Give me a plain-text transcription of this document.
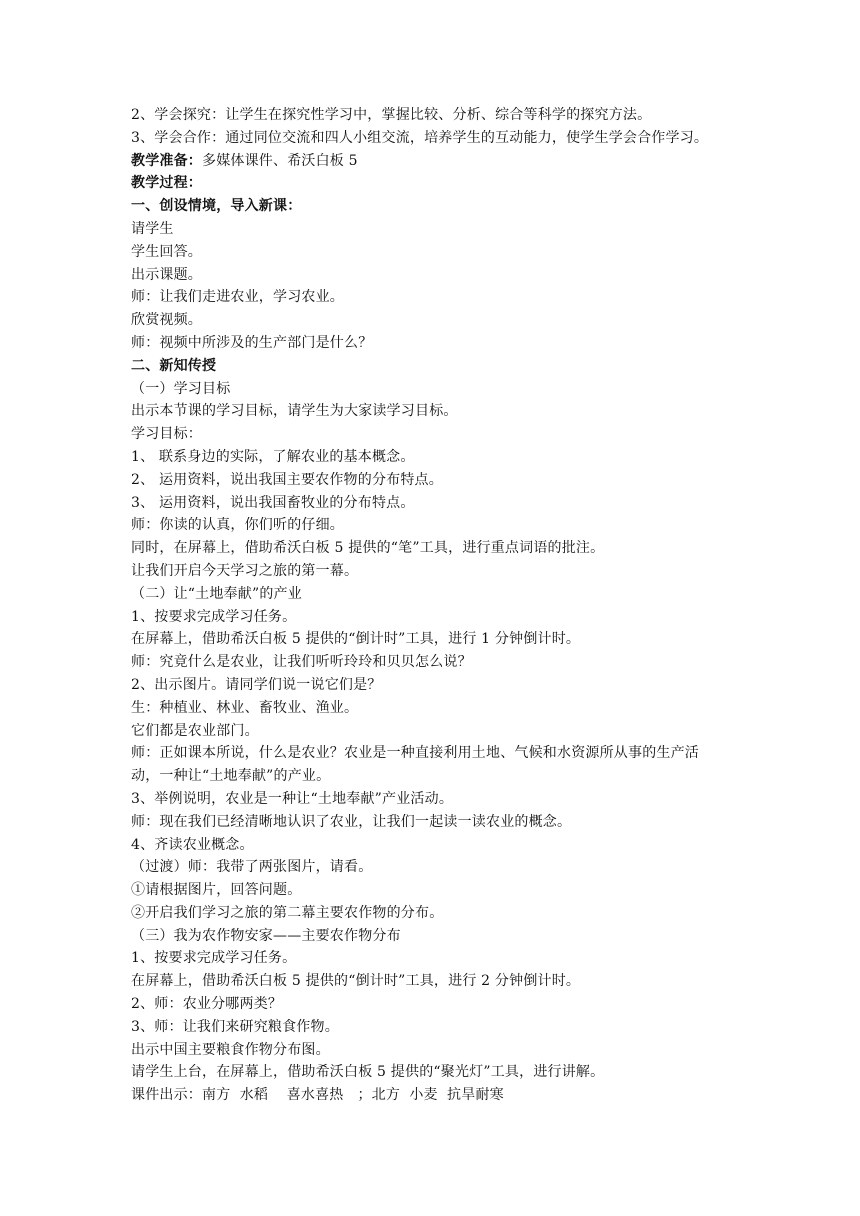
2、学会探究：让学生在探究性学习中，掌握比较、分析、综合等科学的探究方法。
3、学会合作：通过同位交流和四人小组交流，培养学生的互动能力，使学生学会合作学习。
教学准备：多媒体课件、希沃白板 5
教学过程：
一、创设情境，导入新课：
请学生
学生回答。
出示课题。
师：让我们走进农业，学习农业。
欣赏视频。
师：视频中所涉及的生产部门是什么？
二、新知传授
（一）学习目标
出示本节课的学习目标，请学生为大家读学习目标。
学习目标：
1、 联系身边的实际，了解农业的基本概念。
2、 运用资料，说出我国主要农作物的分布特点。
3、 运用资料，说出我国畜牧业的分布特点。
师：你读的认真，你们听的仔细。
同时，在屏幕上，借助希沃白板 5 提供的“笔”工具，进行重点词语的批注。
让我们开启今天学习之旅的第一幕。
（二）让“土地奉献”的产业
1、按要求完成学习任务。
在屏幕上，借助希沃白板 5 提供的“倒计时”工具，进行 1 分钟倒计时。
师：究竟什么是农业，让我们听听玲玲和贝贝怎么说？
2、出示图片。请同学们说一说它们是？
生：种植业、林业、畜牧业、渔业。
它们都是农业部门。
师：正如课本所说，什么是农业？农业是一种直接利用土地、气候和水资源所从事的生产活
动，一种让“土地奉献”的产业。
3、举例说明，农业是一种让“土地奉献”产业活动。
师：现在我们已经清晰地认识了农业，让我们一起读一读农业的概念。
4、齐读农业概念。
（过渡）师：我带了两张图片，请看。
①请根据图片，回答问题。
②开启我们学习之旅的第二幕主要农作物的分布。
（三）我为农作物安家——主要农作物分布
1、按要求完成学习任务。
在屏幕上，借助希沃白板 5 提供的“倒计时”工具，进行 2 分钟倒计时。
2、师：农业分哪两类？
3、师：让我们来研究粮食作物。
出示中国主要粮食作物分布图。
请学生上台，在屏幕上，借助希沃白板 5 提供的“聚光灯”工具，进行讲解。
课件出示：南方  水稻    喜水喜热   ；北方  小麦  抗旱耐寒
